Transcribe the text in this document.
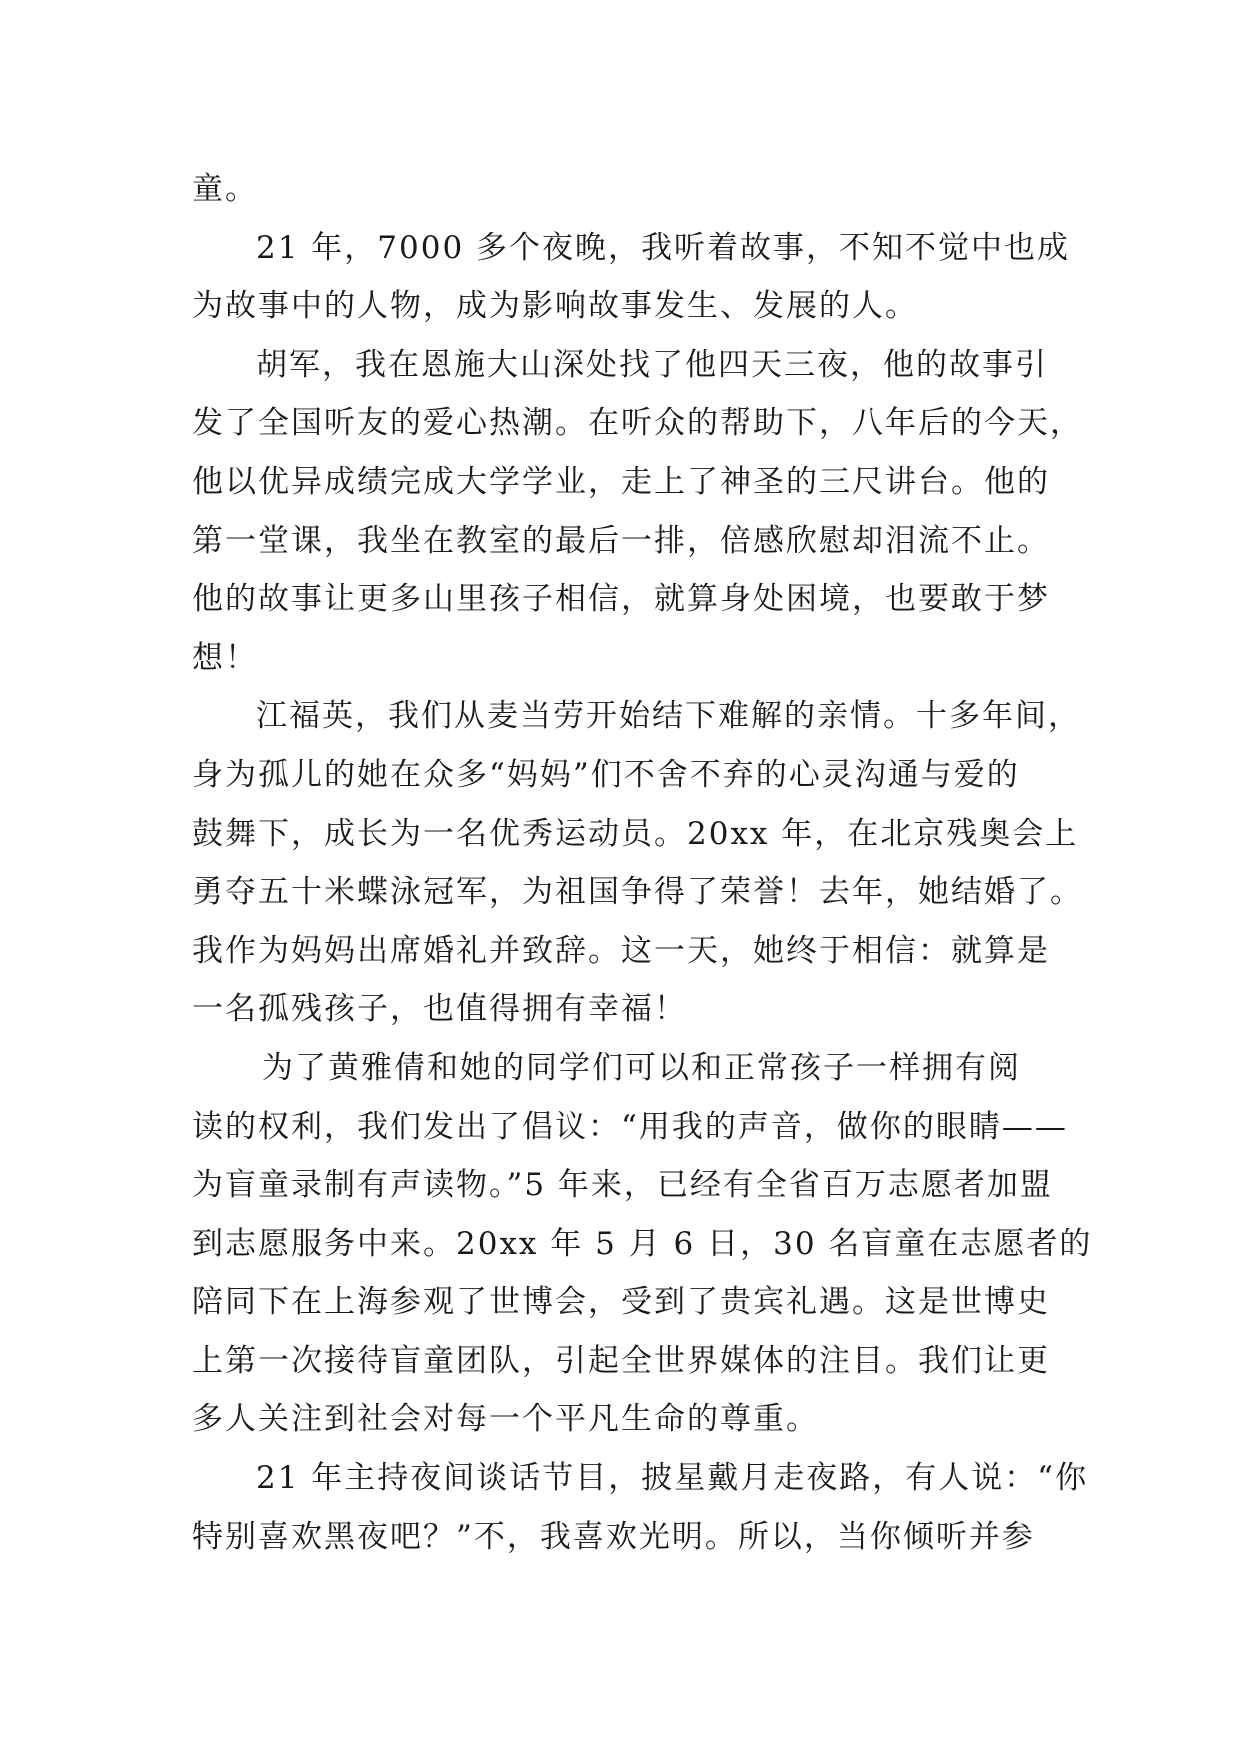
童。
21 年，7000 多个夜晚，我听着故事，不知不觉中也成
为故事中的人物，成为影响故事发生、发展的人。
胡军，我在恩施大山深处找了他四天三夜，他的故事引
发了全国听友的爱心热潮。在听众的帮助下，八年后的今天，
他以优异成绩完成大学学业，走上了神圣的三尺讲台。他的
第一堂课，我坐在教室的最后一排，倍感欣慰却泪流不止。
他的故事让更多山里孩子相信，就算身处困境，也要敢于梦
想！
江福英，我们从麦当劳开始结下难解的亲情。十多年间，
身为孤儿的她在众多“妈妈”们不舍不弃的心灵沟通与爱的
鼓舞下，成长为一名优秀运动员。20xx 年，在北京残奥会上
勇夺五十米蝶泳冠军，为祖国争得了荣誉！去年，她结婚了。
我作为妈妈出席婚礼并致辞。这一天，她终于相信：就算是
一名孤残孩子，也值得拥有幸福！
为了黄雅倩和她的同学们可以和正常孩子一样拥有阅
读的权利，我们发出了倡议：“用我的声音，做你的眼睛——
为盲童录制有声读物。”5 年来，已经有全省百万志愿者加盟
到志愿服务中来。20xx 年 5 月 6 日，30 名盲童在志愿者的
陪同下在上海参观了世博会，受到了贵宾礼遇。这是世博史
上第一次接待盲童团队，引起全世界媒体的注目。我们让更
多人关注到社会对每一个平凡生命的尊重。
21 年主持夜间谈话节目，披星戴月走夜路，有人说：“你
特别喜欢黑夜吧？”不，我喜欢光明。所以，当你倾听并参
